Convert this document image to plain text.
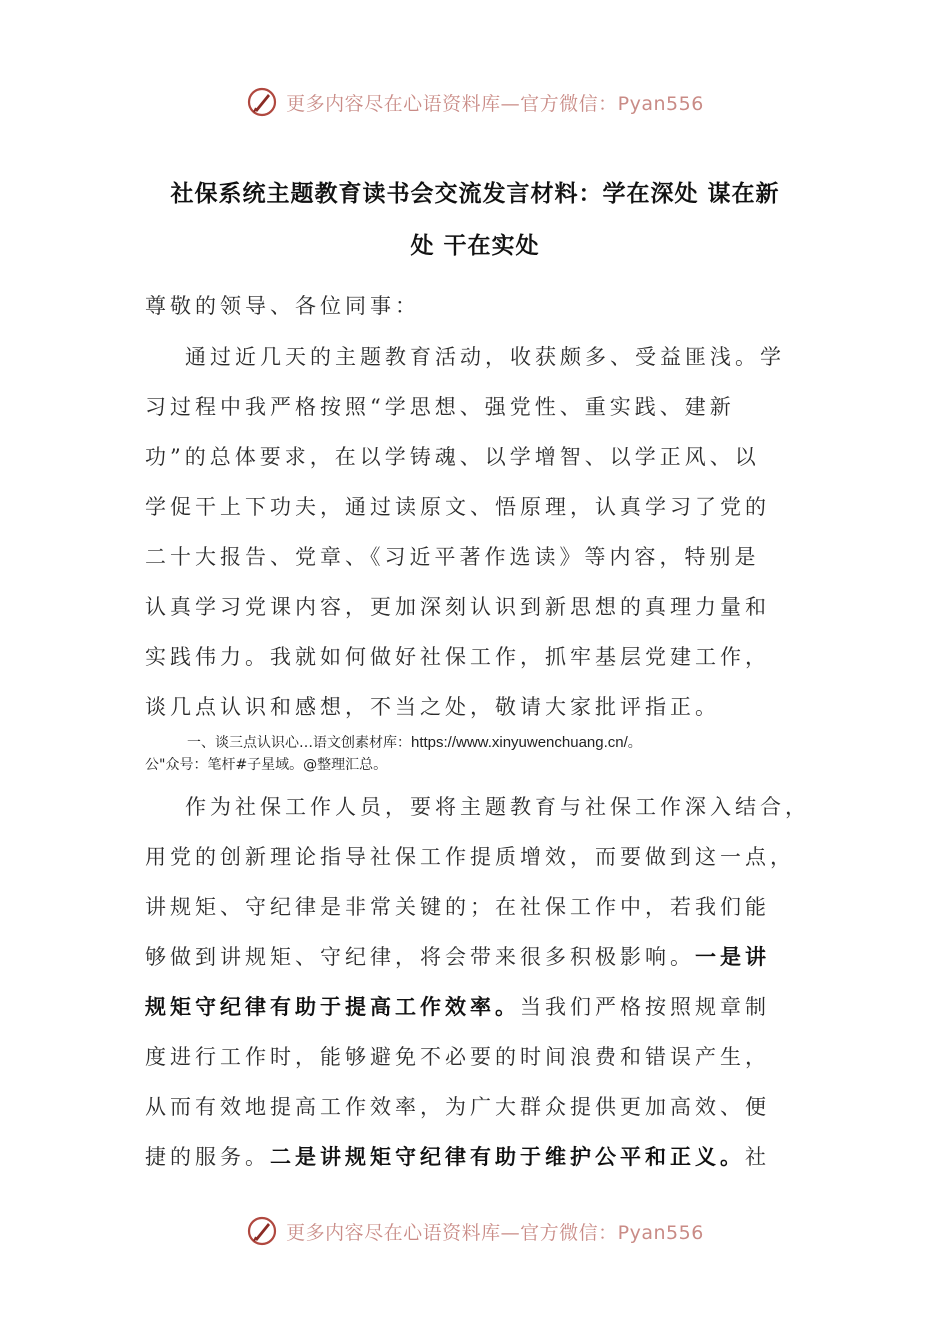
更多内容尽在心语资料库—官方微信：Pyan556
社保系统主题教育读书会交流发言材料：学在深处 谋在新
处 干在实处
尊敬的领导、各位同事：
通过近几天的主题教育活动，收获颇多、受益匪浅。学
习过程中我严格按照“学思想、强党性、重实践、建新
功”的总体要求，在以学铸魂、以学增智、以学正风、以
学促干上下功夫，通过读原文、悟原理，认真学习了党的
二十大报告、党章、《习近平著作选读》等内容，特别是
认真学习党课内容，更加深刻认识到新思想的真理力量和
实践伟力。我就如何做好社保工作，抓牢基层党建工作，
谈几点认识和感想，不当之处，敬请大家批评指正。
一、谈三点认识心…语文创素材库：https://www.xinyuwenchuang.cn/。
公"众号：笔杆#子星域。@整理汇总。
作为社保工作人员，要将主题教育与社保工作深入结合，
用党的创新理论指导社保工作提质增效，而要做到这一点，
讲规矩、守纪律是非常关键的；在社保工作中，若我们能
够做到讲规矩、守纪律，将会带来很多积极影响。一是讲
规矩守纪律有助于提高工作效率。当我们严格按照规章制
度进行工作时，能够避免不必要的时间浪费和错误产生，
从而有效地提高工作效率，为广大群众提供更加高效、便
捷的服务。二是讲规矩守纪律有助于维护公平和正义。社
更多内容尽在心语资料库—官方微信：Pyan556
